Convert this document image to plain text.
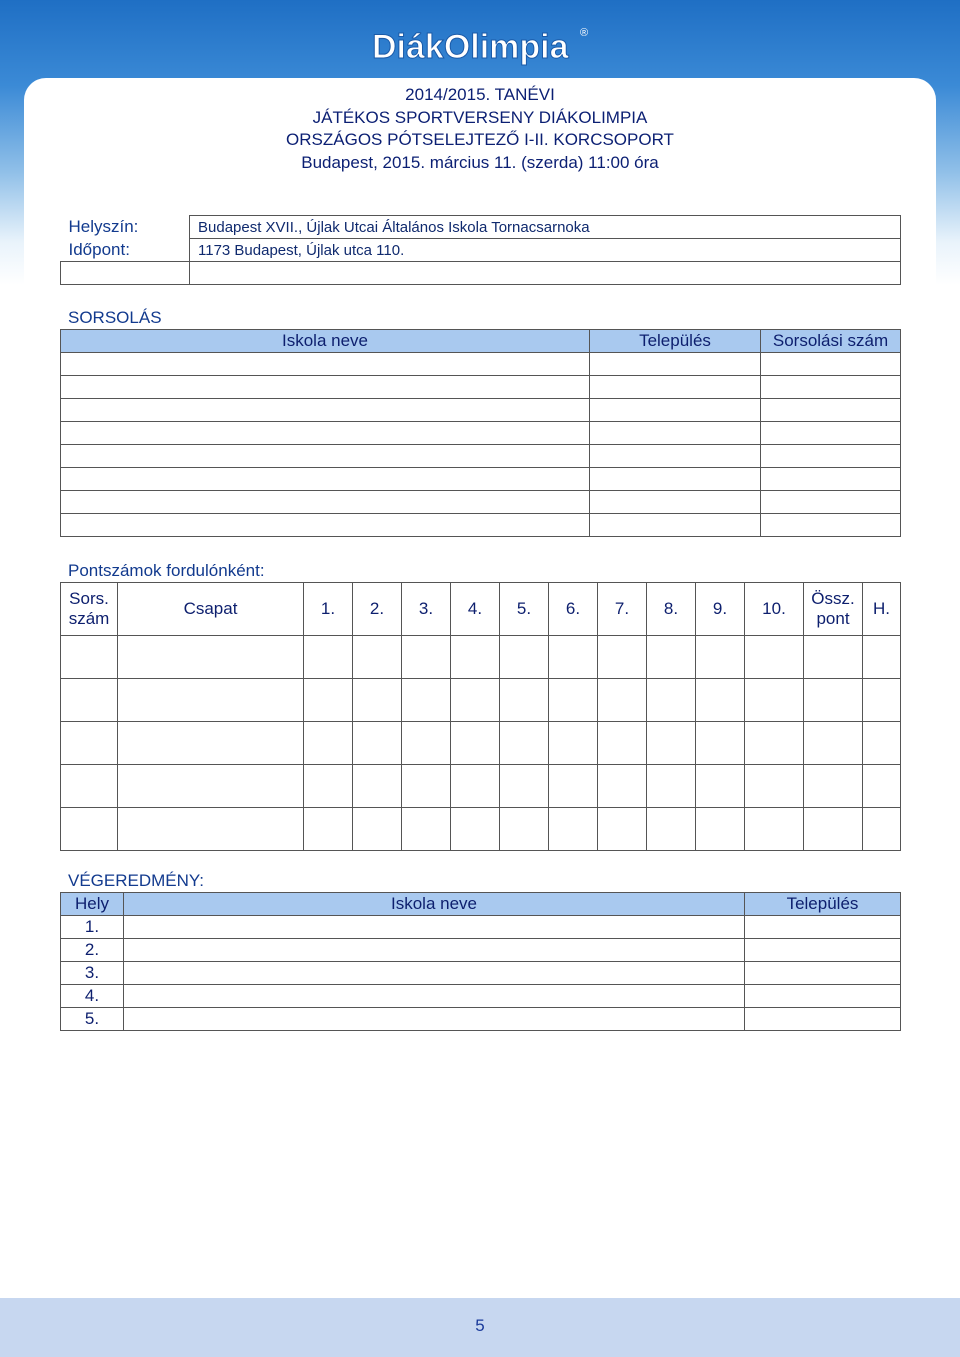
DiákOlimpia ®
2014/2015. TANÉVI
JÁTÉKOS SPORTVERSENY DIÁKOLIMPIA
ORSZÁGOS PÓTSELEJTEZŐ I-II. KORCSOPORT
Budapest, 2015. március 11. (szerda) 11:00 óra
Helyszín:	Budapest XVII., Újlak Utcai Általános Iskola Tornacsarnoka
Időpont:	1173 Budapest, Újlak utca 110.

SORSOLÁS
Iskola neve	Település	Sorsolási szám

Pontszámok fordulónként:
Sors. szám	Csapat	1.	2.	3.	4.	5.	6.	7.	8.	9.	10.	Össz. pont	H.

VÉGEREDMÉNY:
Hely	Iskola neve	Település
1.		
2.		
3.		
4.		
5.		
5
